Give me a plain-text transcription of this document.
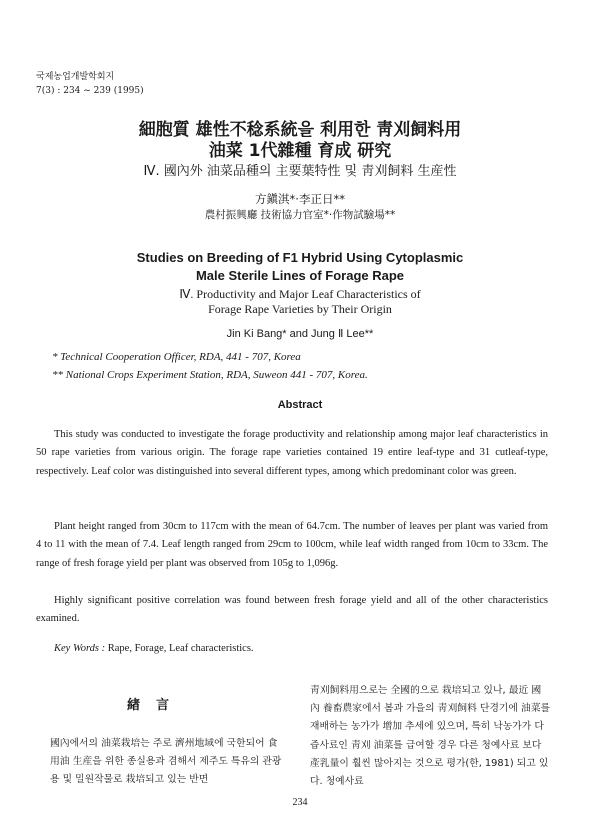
국제농업개발학회지
7(3) : 234 ~ 239 (1995)
細胞質 雄性不稔系統을 利用한 靑刈飼料用
油菜 1代雜種 育成 研究
Ⅳ. 國內外 油菜品種의 主要葉特性 및 靑刈飼料 生産性
方鎭淇*·李正日**
農村振興廳 技術協力官室*·作物試驗場**
Studies on Breeding of F1 Hybrid Using Cytoplasmic
Male Sterile Lines of Forage Rape
Ⅳ. Productivity and Major Leaf Characteristics of
Forage Rape Varieties by Their Origin
Jin Ki Bang* and Jung Ⅱ Lee**
* Technical Cooperation Officer, RDA, 441 - 707, Korea
** National Crops Experiment Station, RDA, Suweon 441 - 707, Korea.
Abstract

This study was conducted to investigate the forage productivity and relationship among major leaf characteristics in 50 rape varieties from various origin. The forage rape varieties contained 19 entire leaf-type and 31 cutleaf-type, respectively. Leaf color was distinguished into several different types, among which predominant color was green.

Plant height ranged from 30cm to 117cm with the mean of 64.7cm. The number of leaves per plant was varied from 4 to 11 with the mean of 7.4. Leaf length ranged from 29cm to 100cm, while leaf width ranged from 10cm to 33cm. The range of fresh forage yield per plant was observed from 105g to 1,096g.

Highly significant positive correlation was found between fresh forage yield and all of the other characteristics examined.

Key Words : Rape, Forage, Leaf characteristics.
緖言

國內에서의 油菜栽培는 주로 濟州地域에 국한되어 食用油 生産을 위한 종실용과 겸해서 제주도 특유의 관광용 및 밀원작물로 栽培되고 있는 반면

靑刈飼料用으로는 全國的으로 栽培되고 있나, 最近 國內 養畜農家에서 봄과 가을의 靑刈飼料 단경기에 油菜를 재배하는 농가가 增加 추세에 있으며, 특히 낙농가가 다즙사료인 靑刈 油菜를 급여할 경우 다른 청예사료 보다 產乳量이 훨씬 많아지는 것으로 평가(한, 1981) 되고 있다. 청예사료

234
